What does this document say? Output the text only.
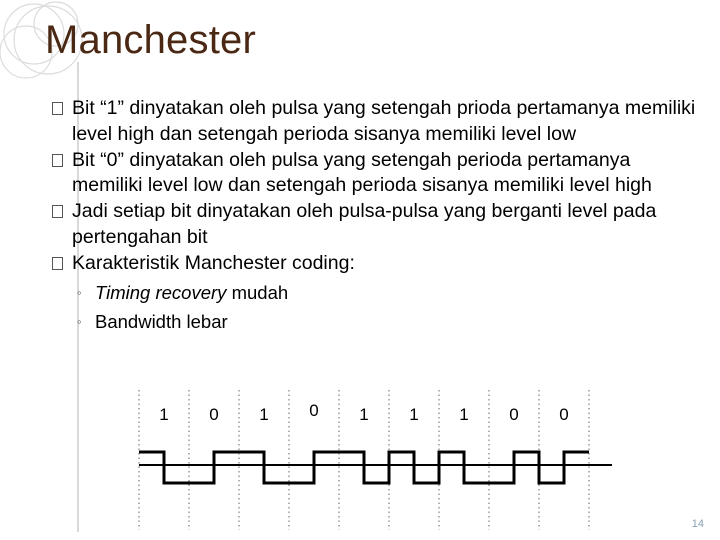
Manchester
Bit “1” dinyatakan oleh pulsa yang setengah prioda pertamanya memiliki level high dan setengah perioda sisanya memiliki level low
Bit “0” dinyatakan oleh pulsa yang setengah perioda pertamanya memiliki level low dan setengah perioda sisanya memiliki level high
Jadi setiap bit dinyatakan oleh pulsa-pulsa yang berganti level pada pertengahan bit
Karakteristik Manchester coding:
◦ Timing recovery mudah
◦ Bandwidth lebar
1 0 1 0 1 1 1 0 0
14
